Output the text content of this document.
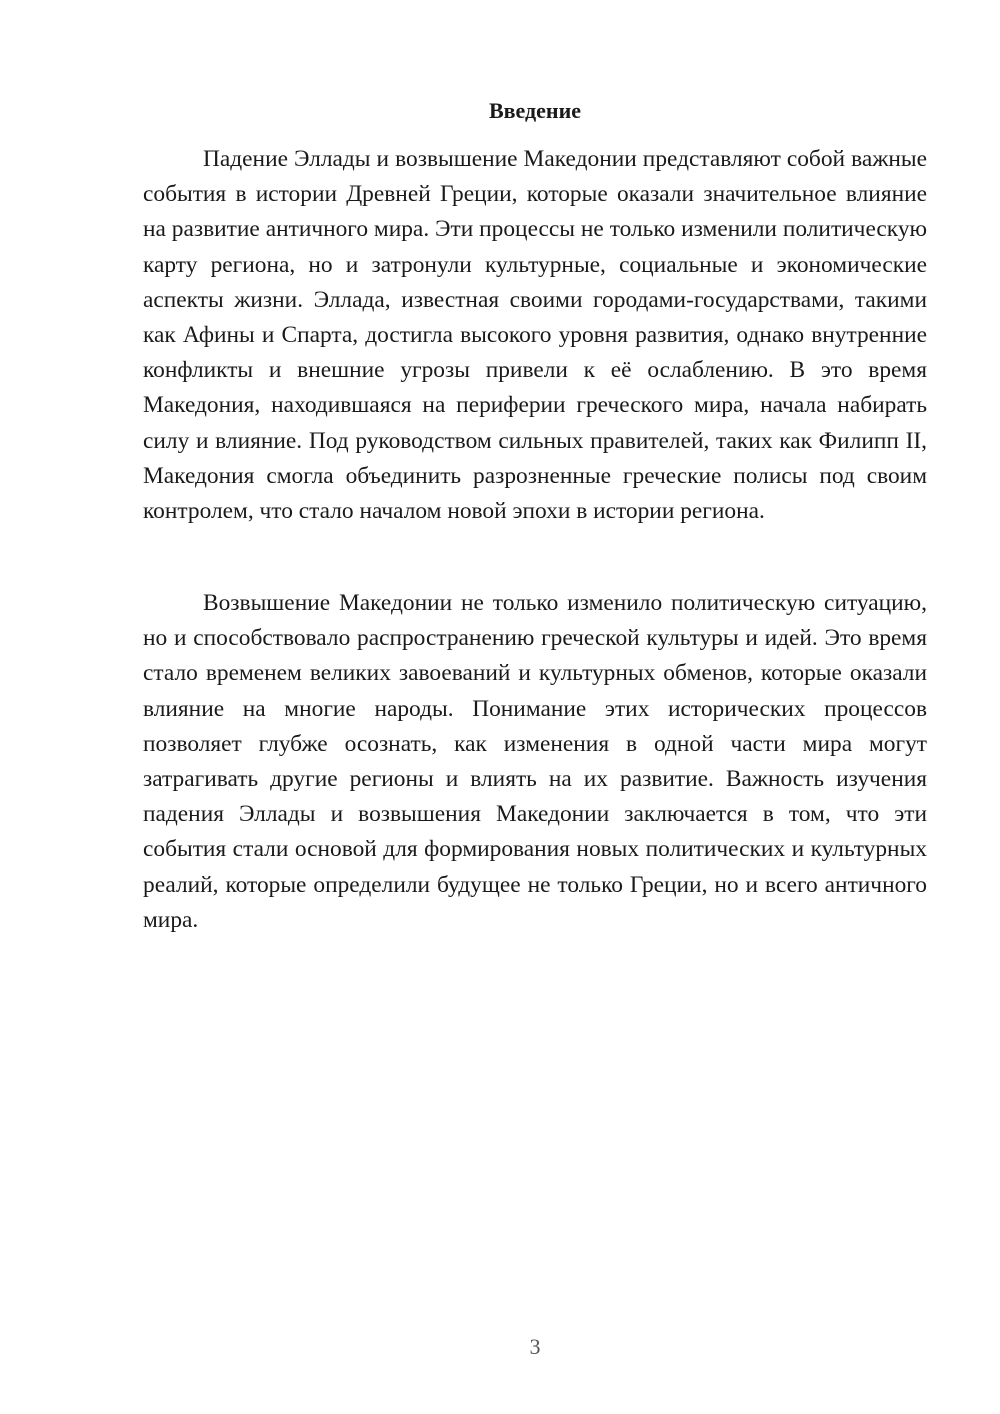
Введение

Падение Эллады и возвышение Македонии представляют собой важные события в истории Древней Греции, которые оказали значительное влияние на развитие античного мира. Эти процессы не только изменили политическую карту региона, но и затронули культурные, социальные и экономические аспекты жизни. Эллада, известная своими городами-государствами, такими как Афины и Спарта, достигла высокого уровня развития, однако внутренние конфликты и внешние угрозы привели к её ослаблению. В это время Македония, находившаяся на периферии греческого мира, начала набирать силу и влияние. Под руководством сильных правителей, таких как Филипп II, Македония смогла объединить разрозненные греческие полисы под своим контролем, что стало началом новой эпохи в истории региона.

Возвышение Македонии не только изменило политическую ситуацию, но и способствовало распространению греческой культуры и идей. Это время стало временем великих завоеваний и культурных обменов, которые оказали влияние на многие народы. Понимание этих исторических процессов позволяет глубже осознать, как изменения в одной части мира могут затрагивать другие регионы и влиять на их развитие. Важность изучения падения Эллады и возвышения Македонии заключается в том, что эти события стали основой для формирования новых политических и культурных реалий, которые определили будущее не только Греции, но и всего античного мира.

3
